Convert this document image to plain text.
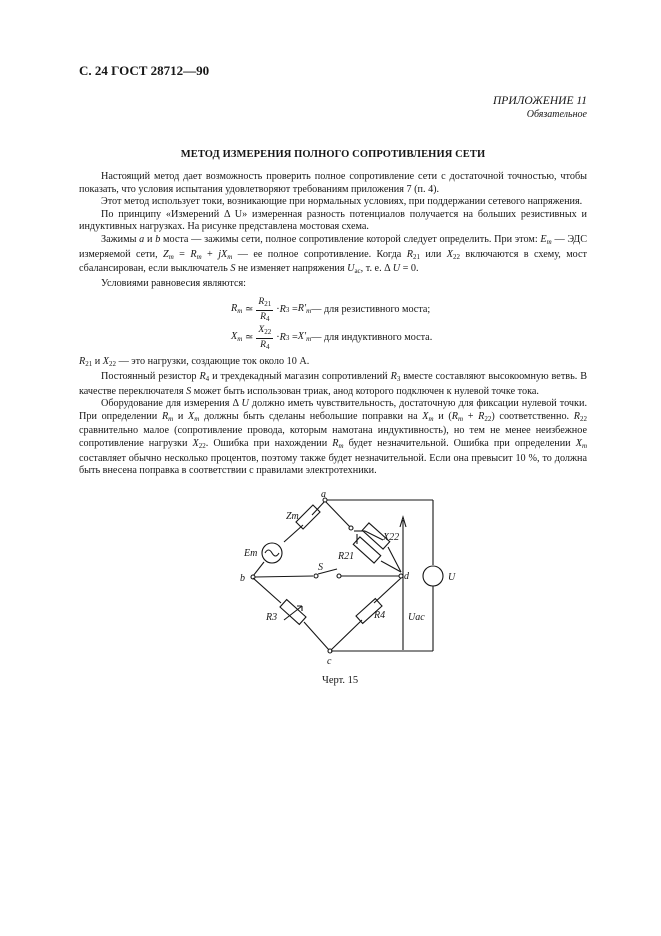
С. 24 ГОСТ 28712—90
ПРИЛОЖЕНИЕ 11
Обязательное
МЕТОД ИЗМЕРЕНИЯ ПОЛНОГО СОПРОТИВЛЕНИЯ СЕТИ

Настоящий метод дает возможность проверить полное сопротивление сети с достаточной точностью, чтобы показать, что условия испытания удовлетворяют требованиям приложения 7 (п. 4).

Этот метод использует токи, возникающие при нормальных условиях, при поддержании сетевого напряжения.

По принципу «Измерений Δ U» измеренная разность потенциалов получается на больших резистивных и индуктивных нагрузках. На рисунке представлена мостовая схема.

Зажимы a и b моста — зажимы сети, полное сопротивление которой следует определить. При этом: $E_m$ — ЭДС измеряемой сети, $Z_m = R_m + jX_m$ — ее полное сопротивление. Когда $R_{21}$ или $X_{22}$ включаются в схему, мост сбалансирован, если выключатель S не изменяет напряжения $U_{ac}$, т. е. Δ U = 0.

Условиями равновесия являются:

$R_m$ ≃ $\frac{R_{21}}{R_4} \cdot R$ $3 = R'_m$ — для резистивного моста;
$X_m$ ≃ $\frac{X_{22}}{R_4} \cdot R$ $3 = X'_m$ — для индуктивного моста.

$R_{21}$ и $X_{22}$ — это нагрузки, создающие ток около 10 А.

Постоянный резистор $R_4$ и трехдекадный магазин сопротивлений $R_3$ вместе составляют высокоомную ветвь. В качестве переключателя S может быть использован триак, анод которого подключен к нулевой точке тока.

Оборудование для измерения Δ U должно иметь чувствительность, достаточную для фиксации нулевой точки. При определении $R_m$ и $X_m$ должны быть сделаны небольшие поправки на $X_m$ и $(R_m + R_{22})$ соответственно. $R_{22}$ сравнительно малое (сопротивление провода, которым намотана индуктивность), но тем не менее неизбежное сопротивление нагрузки $X_{22}$. Ошибка при нахождении $R_m$ будет незначительной. Ошибка при определении $X_m$ составляет обычно несколько процентов, поэтому также будет незначительной. Если она превысит 10 %, то должна быть внесена поправка в соответствии с правилами электротехники.

a
b
c
d
Zm
Em
X22
R21
S
R3	R4
U
Uac
Черт. 15
